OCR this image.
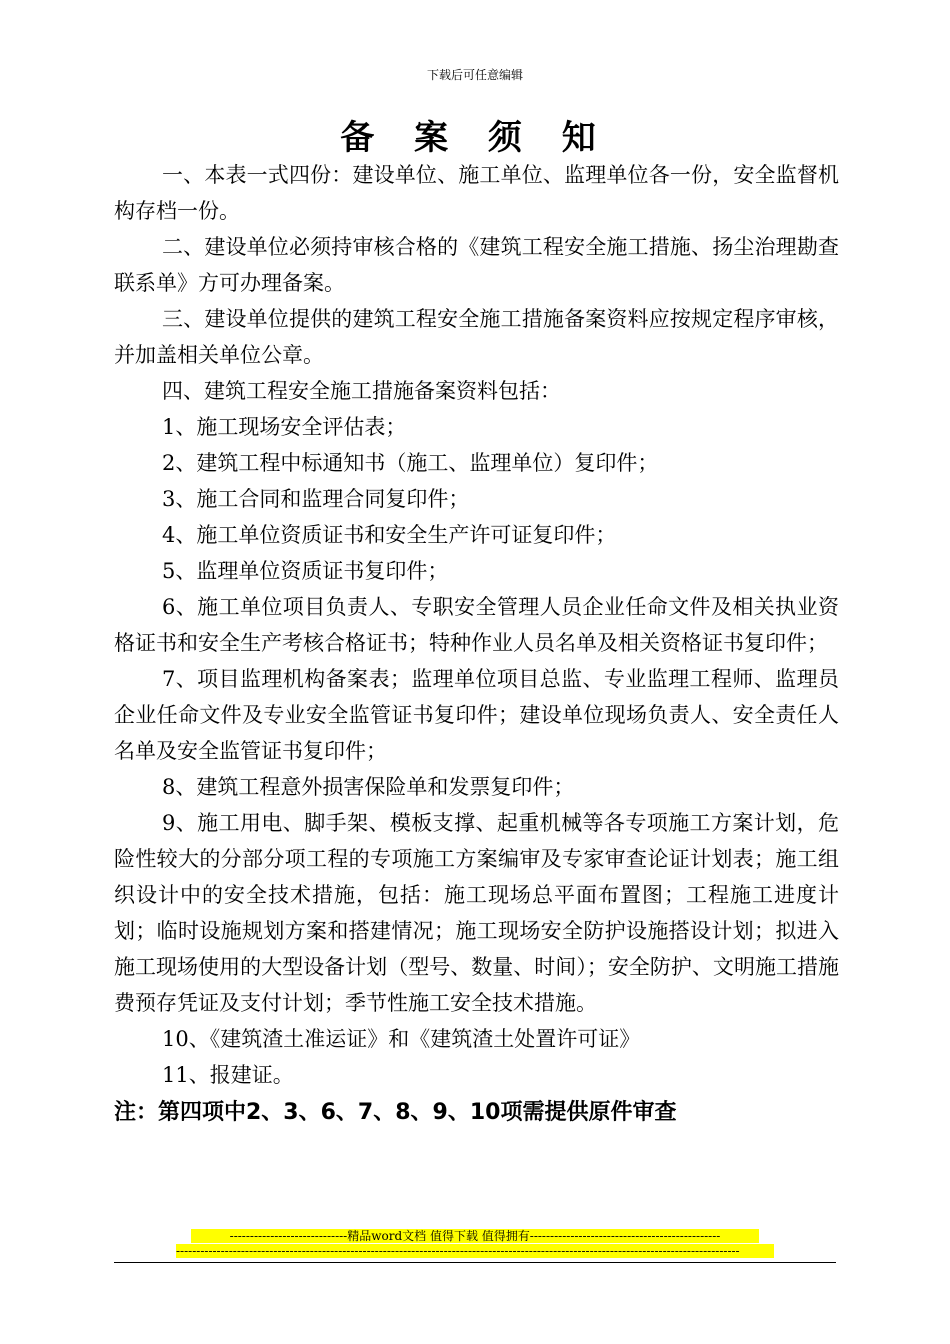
下载后可任意编辑
备 案 须 知

一、本表一式四份：建设单位、施工单位、监理单位各一份，安全监督机构存档一份。

二、建设单位必须持审核合格的《建筑工程安全施工措施、扬尘治理勘查联系单》方可办理备案。

三、建设单位提供的建筑工程安全施工措施备案资料应按规定程序审核，并加盖相关单位公章。

四、建筑工程安全施工措施备案资料包括：

1、施工现场安全评估表；

2、建筑工程中标通知书（施工、监理单位）复印件；

3、施工合同和监理合同复印件；

4、施工单位资质证书和安全生产许可证复印件；

5、监理单位资质证书复印件；

6、施工单位项目负责人、专职安全管理人员企业任命文件及相关执业资格证书和安全生产考核合格证书；特种作业人员名单及相关资格证书复印件；

7、项目监理机构备案表；监理单位项目总监、专业监理工程师、监理员企业任命文件及专业安全监管证书复印件；建设单位现场负责人、安全责任人名单及安全监管证书复印件；

8、建筑工程意外损害保险单和发票复印件；

9、施工用电、脚手架、模板支撑、起重机械等各专项施工方案计划，危险性较大的分部分项工程的专项施工方案编审及专家审查论证计划表；施工组织设计中的安全技术措施，包括：施工现场总平面布置图；工程施工进度计划；临时设施规划方案和搭建情况；施工现场安全防护设施搭设计划；拟进入施工现场使用的大型设备计划（型号、数量、时间）；安全防护、文明施工措施费预存凭证及支付计划；季节性施工安全技术措施。

10、《建筑渣土准运证》和《建筑渣土处置许可证》

11、报建证。

注：第四项中2、3、6、7、8、9、10项需提供原件审查

-----------------------------精品word文档 值得下载 值得拥有-----------------------------------------------
-------------------------------------------------------------------------------------------------------------------------------------------
